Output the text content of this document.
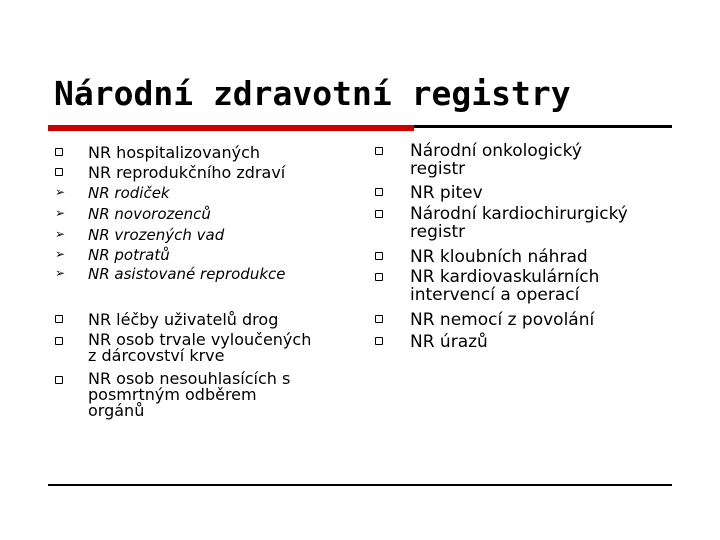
Národní zdravotní registry
NR hospitalizovaných
NR reprodukčního zdraví
➢	NR rodiček
➢	NR novorozenců
➢	NR vrozených vad
➢	NR potratů
➢	NR asistované reprodukce
NR léčby uživatelů drog
NR osob trvale vyloučených
z dárcovství krve
NR osob nesouhlasících s
posmrtným odběrem
orgánů
Národní onkologický
registr
NR pitev
Národní kardiochirurgický
registr
NR kloubních náhrad
NR kardiovaskulárních
intervencí a operací
NR nemocí z povolání
NR úrazů
